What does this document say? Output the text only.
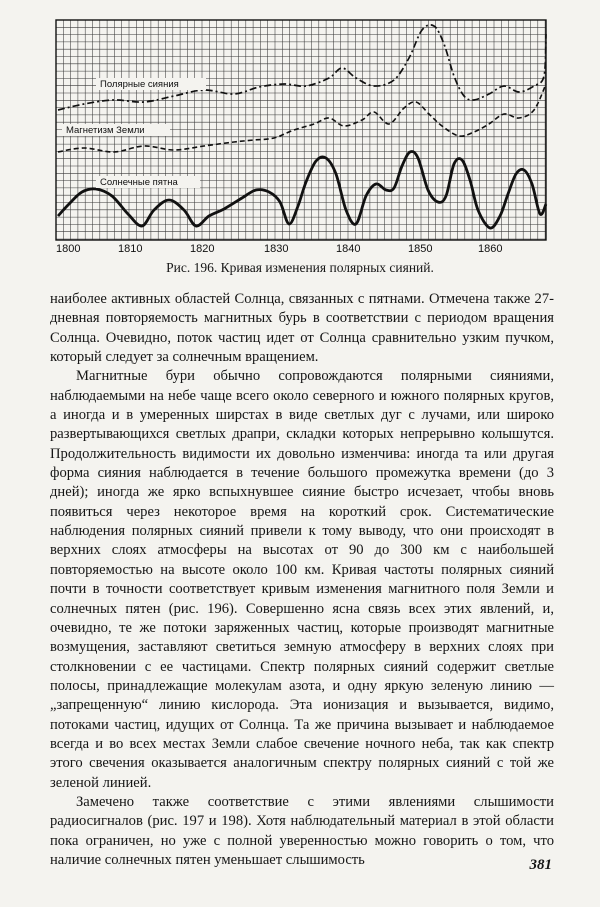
Полярные сияния
Магнетизм Земли
Солнечные пятна
1800	1810	1820	1830	1840	1850	1860
Рис. 196. Кривая изменения полярных сияний.

наиболее активных областей Солнца, связанных с пятнами. Отмечена также 27-дневная повторяемость магнитных бурь в соответствии с периодом вращения Солнца. Очевидно, поток частиц идет от Солнца сравнительно узким пучком, который следует за солнечным вращением.

Магнитные бури обычно сопровождаются полярными сияниями, наблюдаемыми на небе чаще всего около северного и южного полярных кругов, а иногда и в умеренных ширстах в виде светлых дуг с лучами, или широко развертывающихся светлых драпри, складки которых непрерывно колышутся. Продолжительность видимости их довольно изменчива: иногда та или другая форма сияния наблюдается в течение большого промежутка времени (до 3 дней); иногда же ярко вспыхнувшее сияние быстро исчезает, чтобы вновь появиться через некоторое время на короткий срок. Систематические наблюдения полярных сияний привели к тому выводу, что они происходят в верхних слоях атмосферы на высотах от 90 до 300 км с наибольшей повторяемостью на высоте около 100 км. Кривая частоты полярных сияний почти в точности соответствует кривым изменения магнитного поля Земли и солнечных пятен (рис. 196). Совершенно ясна связь всех этих явлений, и, очевидно, те же потоки заряженных частиц, которые производят магнитные возмущения, заставляют светиться земную атмосферу в верхних слоях при столкновении с ее частицами. Спектр полярных сияний содержит светлые полосы, принадлежащие молекулам азота, и одну яркую зеленую линию — „запрещенную“ линию кислорода. Эта ионизация и вызывается, видимо, потоками частиц, идущих от Солнца. Та же причина вызывает и наблюдаемое всегда и во всех местах Земли слабое свечение ночного неба, так как спектр этого свечения оказывается аналогичным спектру полярных сияний с той же зеленой линией.

Замечено также соответствие с этими явлениями слышимости радиосигналов (рис. 197 и 198). Хотя наблюдательный материал в этой области пока ограничен, но уже с полной уверенностью можно говорить о том, что наличие солнечных пятен уменьшает слышимость	381
